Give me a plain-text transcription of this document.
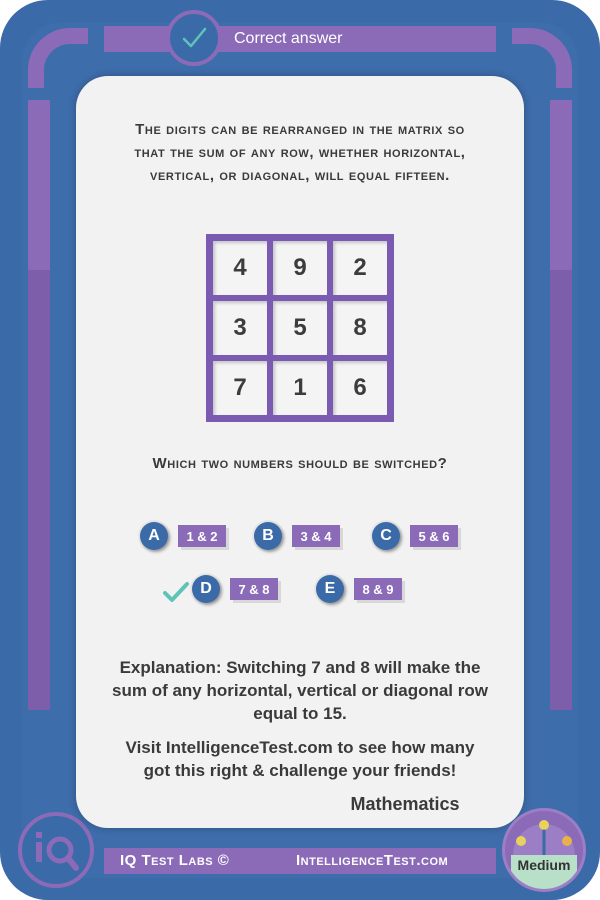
Correct answer
The digits can be rearranged in the matrix so that the sum of any row, whether horizontal, vertical, or diagonal, will equal fifteen.
4	9	2
3	5	8
7	1	6
Which two numbers should be switched?
A	1 & 2	B	3 & 4	C	5 & 6
D	7 & 8	E	8 & 9
Explanation: Switching 7 and 8 will make the sum of any horizontal, vertical or diagonal row equal to 15.
Visit IntelligenceTest.com to see how many got this right & challenge your friends!
Mathematics
IQ Test Labs ©	IntelligenceTest.com	Medium
